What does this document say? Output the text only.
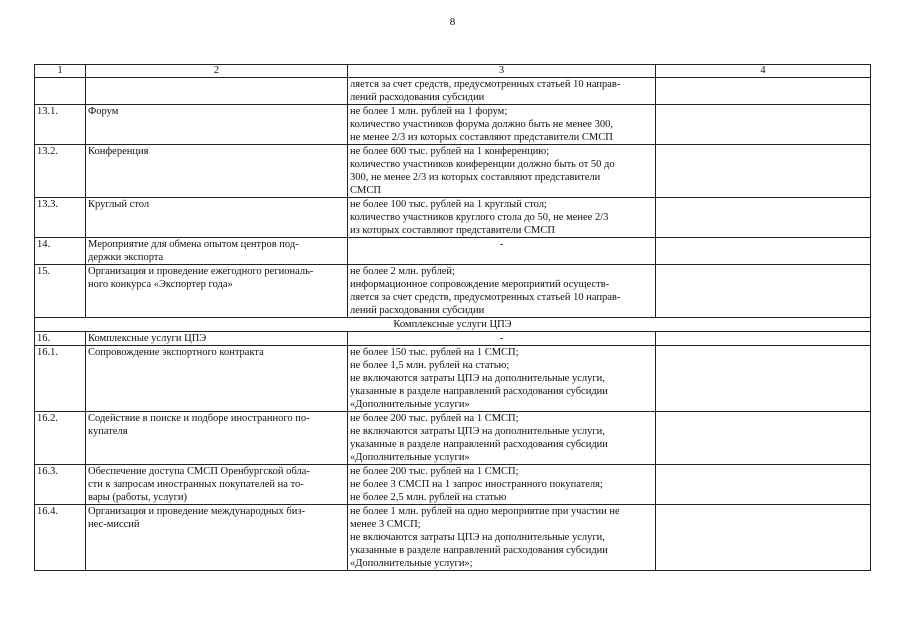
8
1	2	3	4

		ляется за счет средств, предусмотренных статьей 10 направ-
лений расходования субсидии	

13.1.	Форум	не более 1 млн. рублей на 1 форум;
количество участников форума должно быть не менее 300,
не менее 2/3 из которых составляют представители СМСП	

13.2.	Конференция	не более 600 тыс. рублей на 1 конференцию;
количество участников конференции должно быть от 50 до
300, не менее 2/3 из которых составляют представители
СМСП	

13.3.	Круглый стол	не более 100 тыс. рублей на 1 круглый стол;
количество участников круглого стола до 50, не менее 2/3
из которых составляют представители СМСП	

14.	Мероприятие для обмена опытом центров под-
держки экспорта	-	

15.	Организация и проведение ежегодного региональ-
ного конкурса «Экспортер года»	не более 2 млн. рублей;
информационное сопровождение мероприятий осуществ-
ляется за счет средств, предусмотренных статьей 10 направ-
лений расходования субсидии	

Комплексные услуги ЦПЭ			
16.	Комплексные услуги ЦПЭ	-	

16.1.	Сопровождение экспортного контракта	не более 150 тыс. рублей на 1 СМСП;
не более 1,5 млн. рублей на статью;
не включаются затраты ЦПЭ на дополнительные услуги,
указанные в разделе направлений расходования субсидии
«Дополнительные услуги»	

16.2.	Содействие в поиске и подборе иностранного по-
купателя	не более 200 тыс. рублей на 1 СМСП;
не включаются затраты ЦПЭ на дополнительные услуги,
указанные в разделе направлений расходования субсидии
«Дополнительные услуги»	

16.3.	Обеспечение доступа СМСП Оренбургской обла-
сти к запросам иностранных покупателей на то-
вары (работы, услуги)	не более 200 тыс. рублей на 1 СМСП;
не более 3 СМСП на 1 запрос иностранного покупателя;
не более 2,5 млн. рублей на статью	

16.4.	Организация и проведение международных биз-
нес-миссий	не более 1 млн. рублей на одно мероприятие при участии не
менее 3 СМСП;
не включаются затраты ЦПЭ на дополнительные услуги,
указанные в разделе направлений расходования субсидии
«Дополнительные услуги»;	
